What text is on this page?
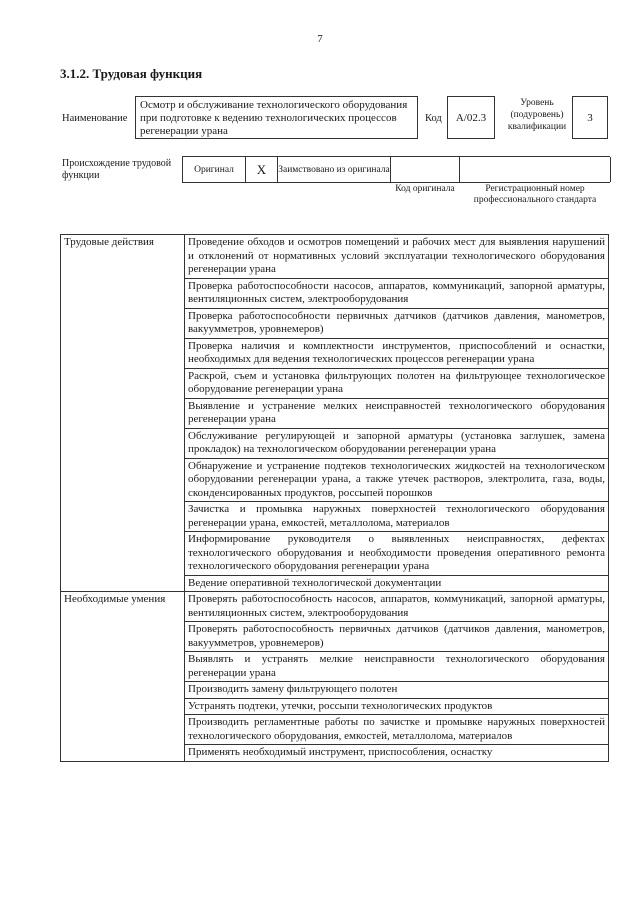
7
3.1.2. Трудовая функция
Наименование
Осмотр и обслуживание технологического оборудования при подготовке к ведению технологических процессов регенерации урана
Код	А/02.3
Уровень (подуровень) квалификации
3
Происхождение трудовой функции
Оригинал	X	Заимствовано из оригинала
Код оригинала	Регистрационный номер профессионального стандарта
Трудовые действия	Проведение обходов и осмотров помещений и рабочих мест для выявления нарушений и отклонений от нормативных условий эксплуатации технологического оборудования регенерации урана
	Проверка работоспособности насосов, аппаратов, коммуникаций, запорной арматуры, вентиляционных систем, электрооборудования
	Проверка работоспособности первичных датчиков (датчиков давления, манометров, вакуумметров, уровнемеров)
	Проверка наличия и комплектности инструментов, приспособлений и оснастки, необходимых для ведения технологических процессов регенерации урана
	Раскрой, съем и установка фильтрующих полотен на фильтрующее технологическое оборудование регенерации урана
	Выявление и устранение мелких неисправностей технологического оборудования регенерации урана
	Обслуживание регулирующей и запорной арматуры (установка заглушек, замена прокладок) на технологическом оборудовании регенерации урана
	Обнаружение и устранение подтеков технологических жидкостей на технологическом оборудовании регенерации урана, а также утечек растворов, электролита, газа, воды, сконденсированных продуктов, россыпей порошков
	Зачистка и промывка наружных поверхностей технологического оборудования регенерации урана, емкостей, металлолома, материалов
	Информирование руководителя о выявленных неисправностях, дефектах технологического оборудования и необходимости проведения оперативного ремонта технологического оборудования регенерации урана
	Ведение оперативной технологической документации
Необходимые умения	Проверять работоспособность насосов, аппаратов, коммуникаций, запорной арматуры, вентиляционных систем, электрооборудования
	Проверять работоспособность первичных датчиков (датчиков давления, манометров, вакуумметров, уровнемеров)
	Выявлять и устранять мелкие неисправности технологического оборудования регенерации урана
	Производить замену фильтрующего полотен
	Устранять подтеки, утечки, россыпи технологических продуктов
	Производить регламентные работы по зачистке и промывке наружных поверхностей технологического оборудования, емкостей, металлолома, материалов
	Применять необходимый инструмент, приспособления, оснастку
